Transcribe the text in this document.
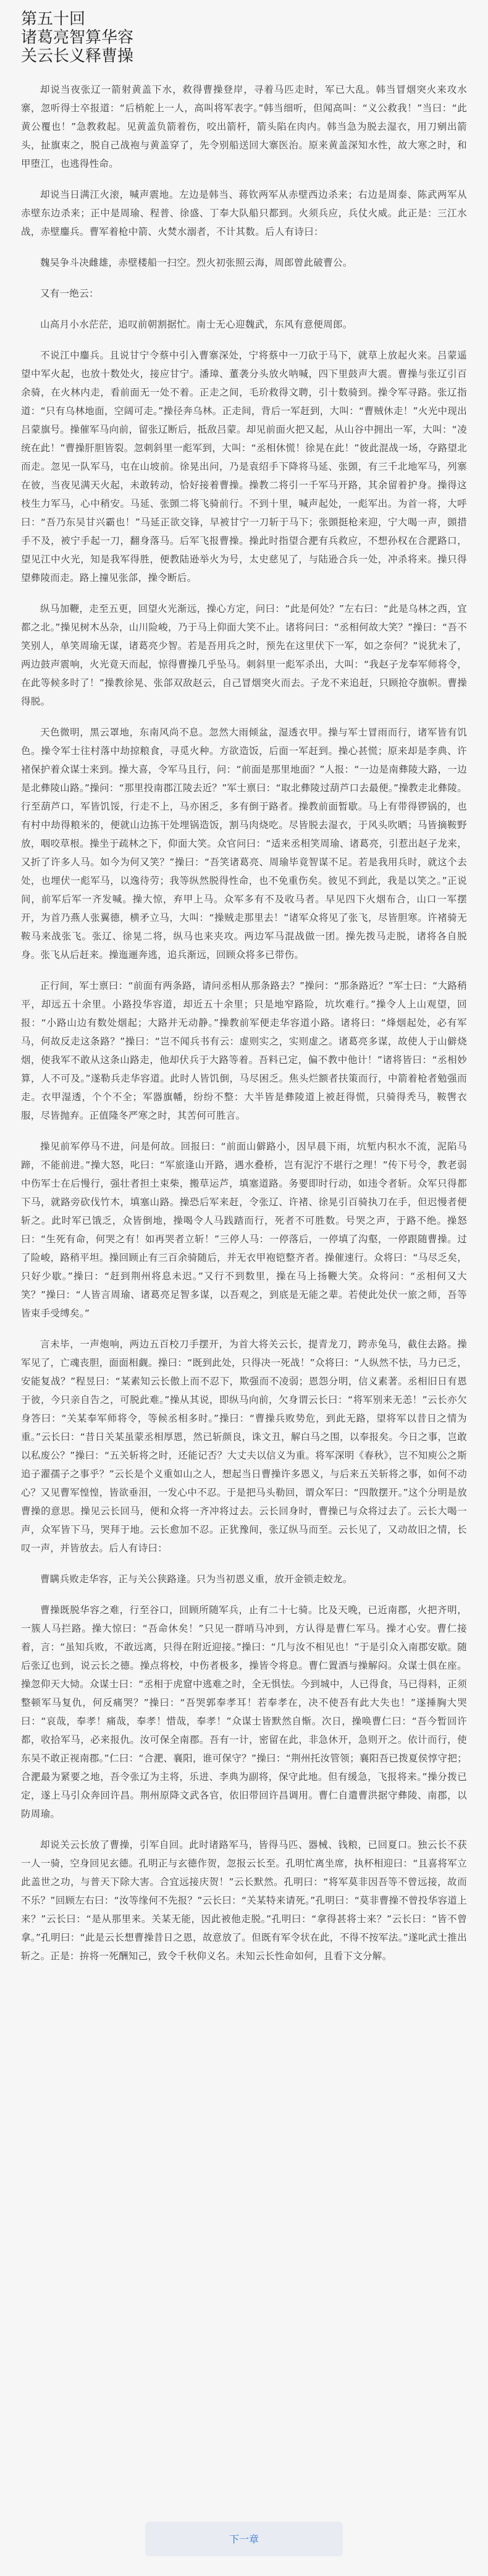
第五十回
诸葛亮智算华容
关云长义释曹操

却说当夜张辽一箭射黄盖下水，救得曹操登岸，寻着马匹走时，军已大乱。韩当冒烟突火来攻水寨，忽听得士卒报道：“后梢舵上一人，高叫将军表字。”韩当细听，但闻高叫：“义公救我！”当曰：“此黄公覆也！”急教救起。见黄盖负箭着伤，咬出箭杆，箭头陷在肉内。韩当急为脱去湿衣，用刀剜出箭头，扯旗束之，脱自己战袍与黄盖穿了，先令别船送回大寨医治。原来黄盖深知水性，故大寒之时，和甲堕江，也逃得性命。

却说当日满江火滚，喊声震地。左边是韩当、蒋钦两军从赤壁西边杀来；右边是周泰、陈武两军从赤壁东边杀来；正中是周瑜、程普、徐盛、丁奉大队船只都到。火须兵应，兵仗火威。此正是：三江水战，赤壁鏖兵。曹军着枪中箭、火焚水溺者，不计其数。后人有诗曰：

魏吴争斗决雌雄，赤壁楼船一扫空。烈火初张照云海，周郎曾此破曹公。

又有一绝云：

山高月小水茫茫，追叹前朝割据忙。南士无心迎魏武，东风有意便周郎。

不说江中鏖兵。且说甘宁令蔡中引入曹寨深处，宁将蔡中一刀砍于马下，就草上放起火来。吕蒙遥望中军火起，也放十数处火，接应甘宁。潘璋、董袭分头放火呐喊，四下里鼓声大震。曹操与张辽引百余骑，在火林内走，看前面无一处不着。正走之间，毛玠救得文聘，引十数骑到。操令军寻路。张辽指道：“只有乌林地面，空阔可走。”操径奔乌林。正走间，背后一军赶到，大叫：“曹贼休走！”火光中现出吕蒙旗号。操催军马向前，留张辽断后，抵敌吕蒙。却见前面火把又起，从山谷中拥出一军，大叫：“凌统在此！”曹操肝胆皆裂。忽刺斜里一彪军到，大叫：“丞相休慌！徐晃在此！”彼此混战一场，夺路望北而走。忽见一队军马，屯在山坡前。徐晃出问，乃是袁绍手下降将马延、张顗，有三千北地军马，列寨在彼，当夜见满天火起，未敢转动，恰好接着曹操。操教二将引一千军马开路，其余留着护身。操得这枝生力军马，心中稍安。马延、张顗二将飞骑前行。不到十里，喊声起处，一彪军出。为首一将，大呼曰：“吾乃东吴甘兴霸也！”马延正欲交锋，早被甘宁一刀斩于马下；张顗挺枪来迎，宁大喝一声，顗措手不及，被宁手起一刀，翻身落马。后军飞报曹操。操此时指望合淝有兵救应，不想孙权在合淝路口，望见江中火光，知是我军得胜，便教陆逊举火为号，太史慈见了，与陆逊合兵一处，冲杀将来。操只得望彝陵而走。路上撞见张郃，操令断后。

纵马加鞭，走至五更，回望火光渐远，操心方定，问曰：“此是何处？”左右曰：“此是乌林之西，宜都之北。”操见树木丛杂，山川险峻，乃于马上仰面大笑不止。诸将问曰：“丞相何故大笑？”操曰：“吾不笑别人，单笑周瑜无谋，诸葛亮少智。若是吾用兵之时，预先在这里伏下一军，如之奈何？”说犹未了，两边鼓声震响，火光竟天而起，惊得曹操几乎坠马。刺斜里一彪军杀出，大叫：“我赵子龙奉军师将令，在此等候多时了！”操教徐晃、张郃双敌赵云，自己冒烟突火而去。子龙不来追赶，只顾抢夺旗帜。曹操得脱。

天色微明，黑云罩地，东南风尚不息。忽然大雨倾盆，湿透衣甲。操与军士冒雨而行，诸军皆有饥色。操令军士往村落中劫掠粮食，寻觅火种。方欲造饭，后面一军赶到。操心甚慌；原来却是李典、许褚保护着众谋士来到。操大喜，令军马且行，问：“前面是那里地面？”人报：“一边是南彝陵大路，一边是北彝陵山路。”操问：“那里投南郡江陵去近？”军士禀曰：“取北彝陵过葫芦口去最便。”操教走北彝陵。行至葫芦口，军皆饥馁，行走不上，马亦困乏，多有倒于路者。操教前面暂歇。马上有带得锣锅的，也有村中劫得粮米的，便就山边拣干处埋锅造饭，割马肉烧吃。尽皆脱去湿衣，于风头吹晒；马皆摘鞍野放，咽咬草根。操坐于疏林之下，仰面大笑。众官问曰：“适来丞相笑周瑜、诸葛亮，引惹出赵子龙来，又折了许多人马。如今为何又笑？”操曰：“吾笑诸葛亮、周瑜毕竟智谋不足。若是我用兵时，就这个去处，也埋伏一彪军马，以逸待劳；我等纵然脱得性命，也不免重伤矣。彼见不到此，我是以笑之。”正说间，前军后军一齐发喊。操大惊，弃甲上马。众军多有不及收马者。早见四下火烟布合，山口一军摆开，为首乃燕人张翼德，横矛立马，大叫：“操贼走那里去！”诸军众将见了张飞，尽皆胆寒。许褚骑无鞍马来战张飞。张辽、徐晃二将，纵马也来夹攻。两边军马混战做一团。操先拨马走脱，诸将各自脱身。张飞从后赶来。操迤逦奔逃，追兵渐远，回顾众将多已带伤。

正行间，军士禀曰：“前面有两条路，请问丞相从那条路去？”操问：“那条路近？”军士曰：“大路稍平，却远五十余里。小路投华容道，却近五十余里；只是地窄路险，坑坎难行。”操令人上山观望，回报：“小路山边有数处烟起；大路并无动静。”操教前军便走华容道小路。诸将曰：“烽烟起处，必有军马，何故反走这条路？”操曰：“岂不闻兵书有云：虚则实之，实则虚之。诸葛亮多谋，故使人于山僻烧烟，使我军不敢从这条山路走，他却伏兵于大路等着。吾料已定，偏不教中他计！”诸将皆曰：“丞相妙算，人不可及。”遂勒兵走华容道。此时人皆饥倒，马尽困乏。焦头烂额者扶策而行，中箭着枪者勉强而走。衣甲湿透，个个不全；军器旗幡，纷纷不整：大半皆是彝陵道上被赶得慌，只骑得秃马，鞍辔衣服，尽皆抛弃。正值隆冬严寒之时，其苦何可胜言。

操见前军停马不进，问是何故。回报曰：“前面山僻路小，因早晨下雨，坑堑内积水不流，泥陷马蹄，不能前进。”操大怒，叱曰：“军旅逢山开路，遇水叠桥，岂有泥泞不堪行之理！”传下号令，教老弱中伤军士在后慢行，强壮者担土束柴，搬草运芦，填塞道路。务要即时行动，如违令者斩。众军只得都下马，就路旁砍伐竹木，填塞山路。操恐后军来赶，令张辽、许褚、徐晃引百骑执刀在手，但迟慢者便斩之。此时军已饿乏，众皆倒地，操喝令人马践踏而行，死者不可胜数。号哭之声，于路不绝。操怒曰：“生死有命，何哭之有！如再哭者立斩！”三停人马：一停落后，一停填了沟壑，一停跟随曹操。过了险峻，路稍平坦。操回顾止有三百余骑随后，并无衣甲袍铠整齐者。操催速行。众将曰：“马尽乏矣，只好少歇。”操曰：“赶到荆州将息未迟。”又行不到数里，操在马上扬鞭大笑。众将问：“丞相何又大笑？”操曰：“人皆言周瑜、诸葛亮足智多谋，以吾观之，到底是无能之辈。若使此处伏一旅之师，吾等皆束手受缚矣。”

言未毕，一声炮响，两边五百校刀手摆开，为首大将关云长，提青龙刀，跨赤兔马，截住去路。操军见了，亡魂丧胆，面面相觑。操曰：“既到此处，只得决一死战！”众将曰：“人纵然不怯，马力已乏，安能复战？”程昱曰：“某素知云长傲上而不忍下，欺强而不凌弱；恩怨分明，信义素著。丞相旧日有恩于彼，今只亲自告之，可脱此难。”操从其说，即纵马向前，欠身谓云长曰：“将军别来无恙！”云长亦欠身答曰：“关某奉军师将令，等候丞相多时。”操曰：“曹操兵败势危，到此无路，望将军以昔日之情为重。”云长曰：“昔日关某虽蒙丞相厚恩，然已斩颜良，诛文丑，解白马之围，以奉报矣。今日之事，岂敢以私废公？”操曰：“五关斩将之时，还能记否？大丈夫以信义为重。将军深明《春秋》，岂不知庾公之斯追子濯孺子之事乎？”云长是个义重如山之人，想起当日曹操许多恩义，与后来五关斩将之事，如何不动心？又见曹军惶惶，皆欲垂泪，一发心中不忍。于是把马头勒回，谓众军曰：“四散摆开。”这个分明是放曹操的意思。操见云长回马，便和众将一齐冲将过去。云长回身时，曹操已与众将过去了。云长大喝一声，众军皆下马，哭拜于地。云长愈加不忍。正犹豫间，张辽纵马而至。云长见了，又动故旧之情，长叹一声，并皆放去。后人有诗曰：

曹瞒兵败走华容，正与关公狭路逢。只为当初恩义重，放开金锁走蛟龙。

曹操既脱华容之难，行至谷口，回顾所随军兵，止有二十七骑。比及天晚，已近南郡，火把齐明，一簇人马拦路。操大惊曰：“吾命休矣！”只见一群哨马冲到，方认得是曹仁军马。操才心安。曹仁接着，言：“虽知兵败，不敢远离，只得在附近迎接。”操曰：“几与汝不相见也！”于是引众入南郡安歇。随后张辽也到，说云长之德。操点将校，中伤者极多，操皆令将息。曹仁置酒与操解闷。众谋士俱在座。操忽仰天大恸。众谋士曰：“丞相于虎窟中逃难之时，全无惧怯。今到城中，人已得食，马已得料，正须整顿军马复仇，何反痛哭？”操曰：“吾哭郭奉孝耳！若奉孝在，决不使吾有此大失也！”遂捶胸大哭曰：“哀哉，奉孝！痛哉，奉孝！惜哉，奉孝！”众谋士皆默然自惭。次日，操唤曹仁曰：“吾今暂回许都，收拾军马，必来报仇。汝可保全南郡。吾有一计，密留在此，非急休开，急则开之。依计而行，使东吴不敢正视南郡。”仁曰：“合淝、襄阳，谁可保守？”操曰：“荆州托汝管领；襄阳吾已拨夏侯惇守把；合淝最为紧要之地，吾令张辽为主将，乐进、李典为副将，保守此地。但有缓急，飞报将来。”操分拨已定，遂上马引众奔回许昌。荆州原降文武各官，依旧带回许昌调用。曹仁自遣曹洪据守彝陵、南郡，以防周瑜。

却说关云长放了曹操，引军自回。此时诸路军马，皆得马匹、器械、钱粮，已回夏口。独云长不获一人一骑，空身回见玄德。孔明正与玄德作贺，忽报云长至。孔明忙离坐席，执杯相迎曰：“且喜将军立此盖世之功，与普天下除大害。合宜远接庆贺！”云长默然。孔明曰：“将军莫非因吾等不曾远接，故而不乐？”回顾左右曰：“汝等缘何不先报？”云长曰：“关某特来请死。”孔明曰：“莫非曹操不曾投华容道上来？”云长曰：“是从那里来。关某无能，因此被他走脱。”孔明曰：“拿得甚将士来？”云长曰：“皆不曾拿。”孔明曰：“此是云长想曹操昔日之恩，故意放了。但既有军令状在此，不得不按军法。”遂叱武士推出斩之。正是：拚将一死酬知己，致令千秋仰义名。未知云长性命如何，且看下文分解。

下一章
